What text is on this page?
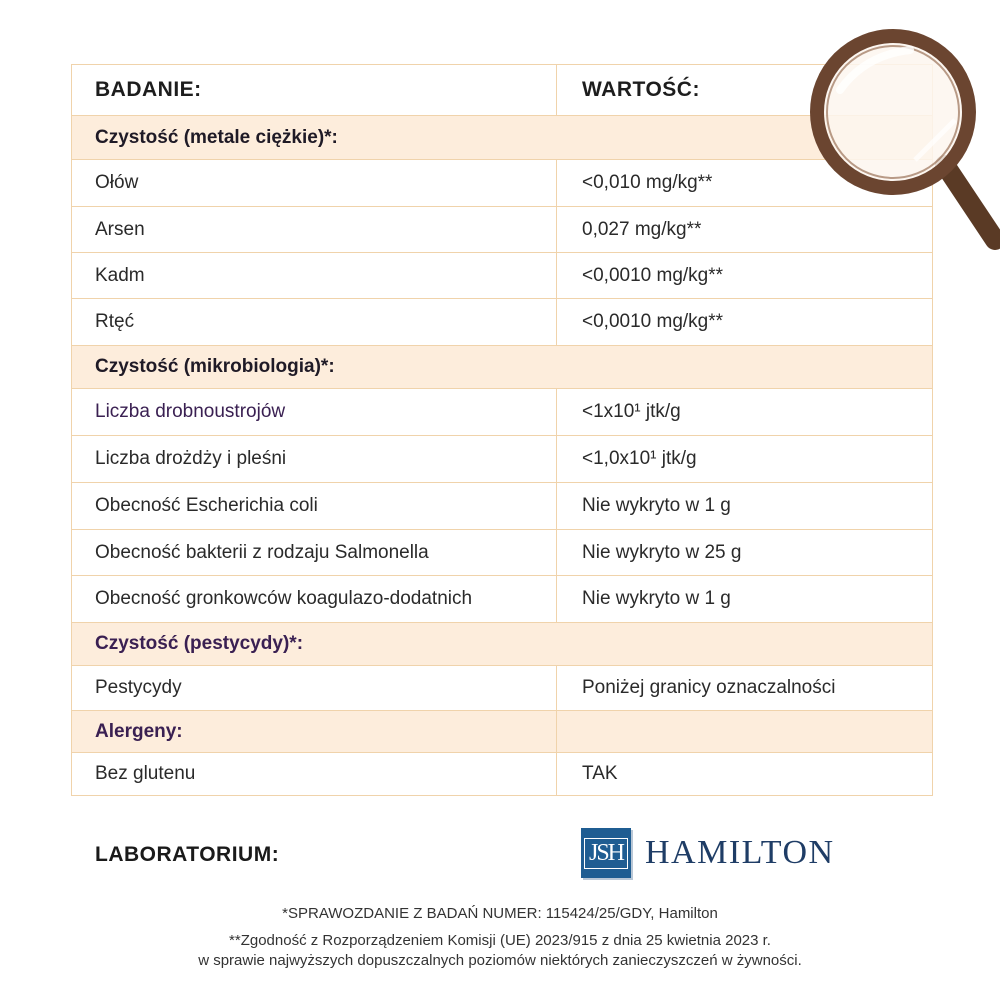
BADANIE:	WARTOŚĆ:
Czystość (metale ciężkie)*:
Ołów	<0,010 mg/kg**
Arsen	0,027 mg/kg**
Kadm	<0,0010 mg/kg**
Rtęć	<0,0010 mg/kg**
Czystość (mikrobiologia)*:
Liczba drobnoustrojów	<1x10¹ jtk/g
Liczba drożdży i pleśni	<1,0x10¹ jtk/g
Obecność Escherichia coli	Nie wykryto w 1 g
Obecność bakterii z rodzaju Salmonella	Nie wykryto w 25 g
Obecność gronkowców koagulazo-dodatnich	Nie wykryto w 1 g
Czystość (pestycydy)*:
Pestycydy	Poniżej granicy oznaczalności
Alergeny:
Bez glutenu	TAK
LABORATORIUM:	JSH HAMILTON
*SPRAWOZDANIE Z BADAŃ NUMER: 115424/25/GDY, Hamilton
**Zgodność z Rozporządzeniem Komisji (UE) 2023/915 z dnia 25 kwietnia 2023 r.
w sprawie najwyższych dopuszczalnych poziomów niektórych zanieczyszczeń w żywności.
